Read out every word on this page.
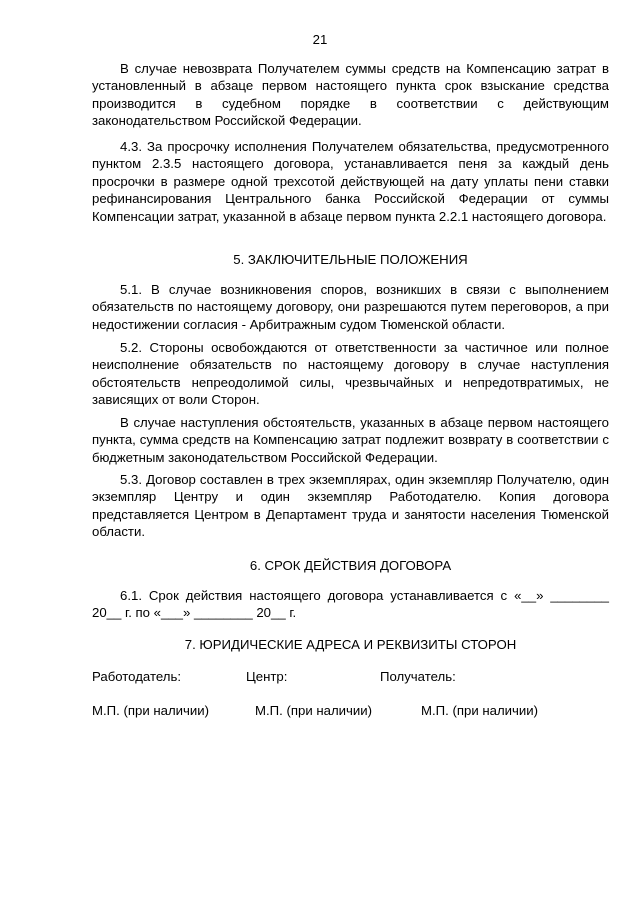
21

В случае невозврата Получателем суммы средств на Компенсацию затрат в установленный в абзаце первом настоящего пункта срок взыскание средства производится в судебном порядке в соответствии с действующим законодательством Российской Федерации.

4.3. За просрочку исполнения Получателем обязательства, предусмотренного пунктом 2.3.5 настоящего договора, устанавливается пеня за каждый день просрочки в размере одной трехсотой действующей на дату уплаты пени ставки рефинансирования Центрального банка Российской Федерации от суммы Компенсации затрат, указанной в абзаце первом пункта 2.2.1 настоящего договора.

5. ЗАКЛЮЧИТЕЛЬНЫЕ ПОЛОЖЕНИЯ

5.1. В случае возникновения споров, возникших в связи с выполнением обязательств по настоящему договору, они разрешаются путем переговоров, а при недостижении согласия - Арбитражным судом Тюменской области.

5.2. Стороны освобождаются от ответственности за частичное или полное неисполнение обязательств по настоящему договору в случае наступления обстоятельств непреодолимой силы, чрезвычайных и непредотвратимых, не зависящих от воли Сторон.

В случае наступления обстоятельств, указанных в абзаце первом настоящего пункта, сумма средств на Компенсацию затрат подлежит возврату в соответствии с бюджетным законодательством Российской Федерации.

5.3. Договор составлен в трех экземплярах, один экземпляр Получателю, один экземпляр Центру и один экземпляр Работодателю. Копия договора представляется Центром в Департамент труда и занятости населения Тюменской области.

6. СРОК ДЕЙСТВИЯ ДОГОВОРА

6.1. Срок действия настоящего договора устанавливается с «__» ________ 20__ г. по «___» ________ 20__ г.

7. ЮРИДИЧЕСКИЕ АДРЕСА И РЕКВИЗИТЫ СТОРОН
Работодатель:	Центр:	Получатель:
М.П. (при наличии)	М.П. (при наличии)	М.П. (при наличии)
